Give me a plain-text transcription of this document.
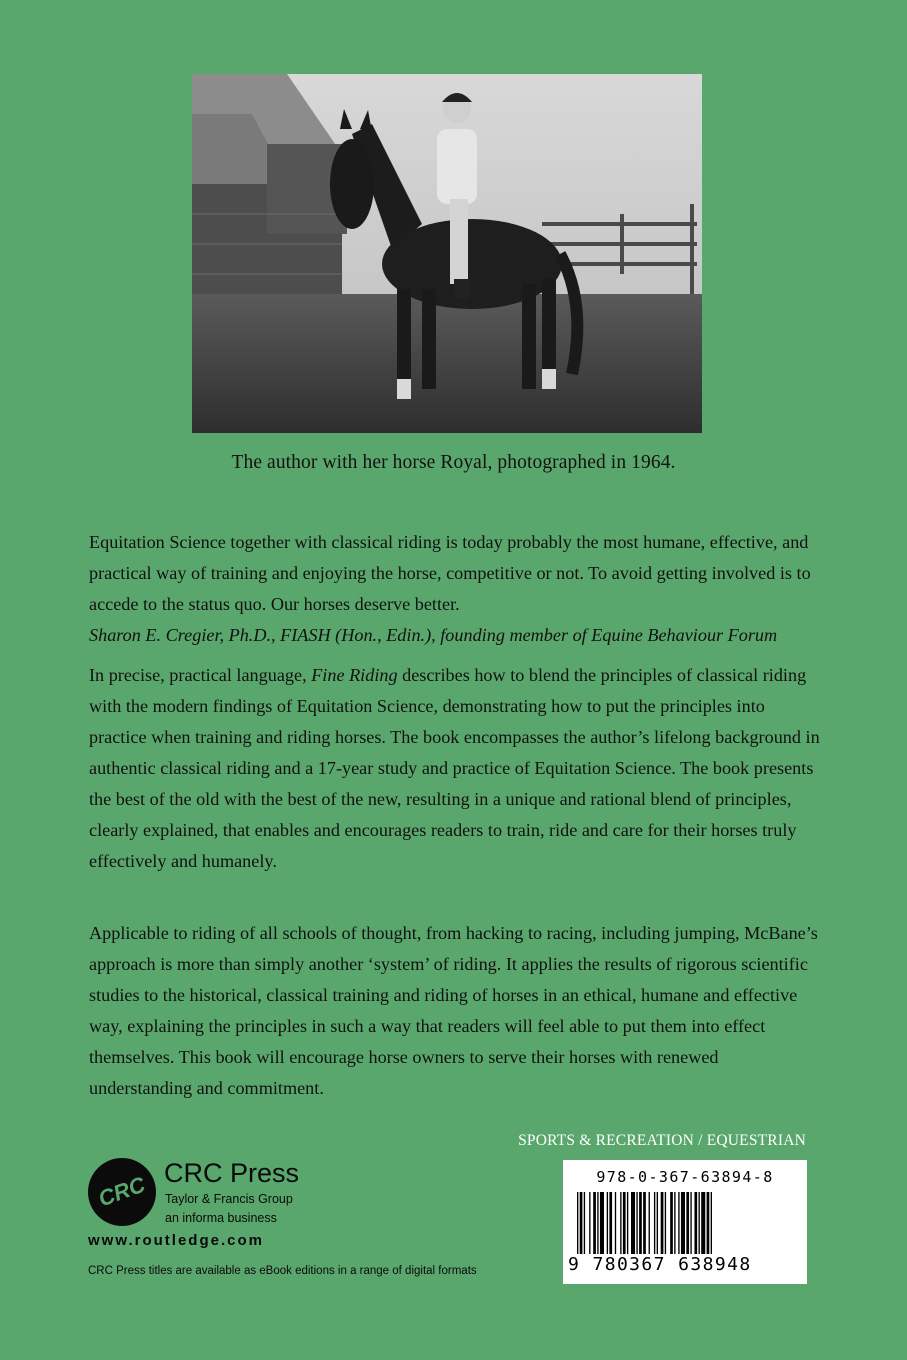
The author with her horse Royal, photographed in 1964.

Equitation Science together with classical riding is today probably the most humane, effective, and practical way of training and enjoying the horse, competitive or not. To avoid getting involved is to accede to the status quo. Our horses deserve better.
Sharon E. Cregier, Ph.D., FIASH (Hon., Edin.), founding member of Equine Behaviour Forum

In precise, practical language, Fine Riding describes how to blend the principles of classical riding with the modern findings of Equitation Science, demonstrating how to put the principles into practice when training and riding horses. The book encompasses the author’s lifelong background in authentic classical riding and a 17-year study and practice of Equitation Science. The book presents the best of the old with the best of the new, resulting in a unique and rational blend of principles, clearly explained, that enables and encourages readers to train, ride and care for their horses truly effectively and humanely.

Applicable to riding of all schools of thought, from hacking to racing, including jumping, McBane’s approach is more than simply another ‘system’ of riding. It applies the results of rigorous scientific studies to the historical, classical training and riding of horses in an ethical, humane and effective way, explaining the principles in such a way that readers will feel able to put them into effect themselves. This book will encourage horse owners to serve their horses with renewed understanding and commitment.

SPORTS & RECREATION / EQUESTRIAN
978-0-367-63894-8
9 780367 638948
CRC CRC Press
Taylor & Francis Group
an informa business
www.routledge.com
CRC Press titles are available as eBook editions in a range of digital formats
